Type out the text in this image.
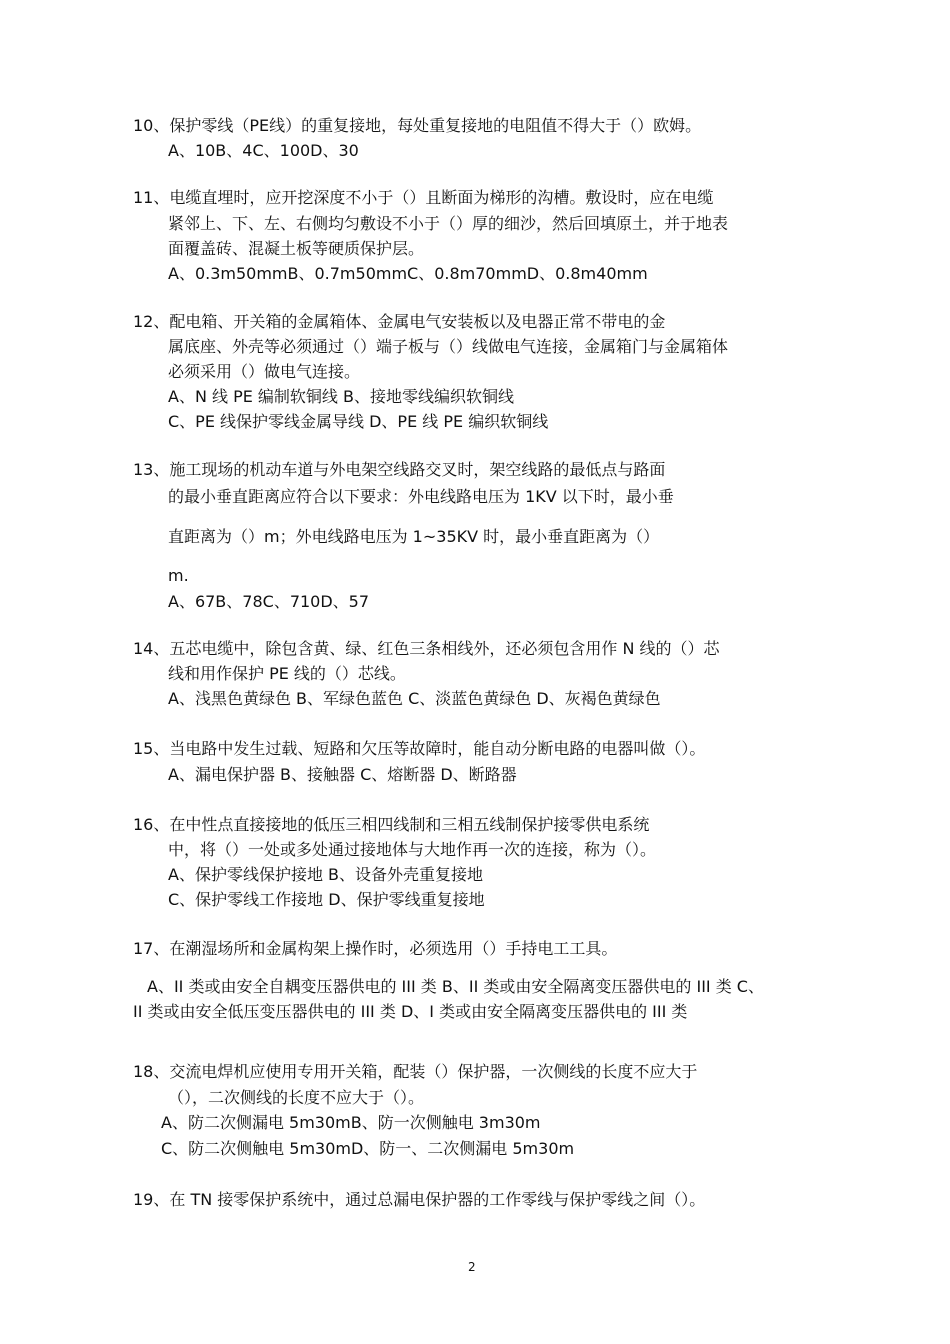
10、保护零线（PE线）的重复接地，每处重复接地的电阻值不得大于（）欧姆。
A、10B、4C、100D、30
11、电缆直埋时，应开挖深度不小于（）且断面为梯形的沟槽。敷设时，应在电缆
紧邻上、下、左、右侧均匀敷设不小于（）厚的细沙，然后回填原土，并于地表
面覆盖砖、混凝土板等硬质保护层。
A、0.3m50mmB、0.7m50mmC、0.8m70mmD、0.8m40mm
12、配电箱、开关箱的金属箱体、金属电气安装板以及电器正常不带电的金
属底座、外壳等必须通过（）端子板与（）线做电气连接，金属箱门与金属箱体
必须采用（）做电气连接。
A、N 线 PE 编制软铜线 B、接地零线编织软铜线
C、PE 线保护零线金属导线 D、PE 线 PE 编织软铜线
13、施工现场的机动车道与外电架空线路交叉时，架空线路的最低点与路面
的最小垂直距离应符合以下要求：外电线路电压为 1KV 以下时，最小垂
直距离为（）m；外电线路电压为 1~35KV 时，最小垂直距离为（）
m.
A、67B、78C、710D、57
14、五芯电缆中，除包含黄、绿、红色三条相线外，还必须包含用作 N 线的（）芯
线和用作保护 PE 线的（）芯线。
A、浅黑色黄绿色 B、军绿色蓝色 C、淡蓝色黄绿色 D、灰褐色黄绿色
15、当电路中发生过载、短路和欠压等故障时，能自动分断电路的电器叫做（）。
A、漏电保护器 B、接触器 C、熔断器 D、断路器
16、在中性点直接接地的低压三相四线制和三相五线制保护接零供电系统
中，将（）一处或多处通过接地体与大地作再一次的连接，称为（）。
A、保护零线保护接地 B、设备外壳重复接地
C、保护零线工作接地 D、保护零线重复接地
17、在潮湿场所和金属构架上操作时，必须选用（）手持电工工具。
A、II 类或由安全自耦变压器供电的 III 类 B、II 类或由安全隔离变压器供电的 III 类 C、
II 类或由安全低压变压器供电的 III 类 D、I 类或由安全隔离变压器供电的 III 类
18、交流电焊机应使用专用开关箱，配装（）保护器，一次侧线的长度不应大于
（），二次侧线的长度不应大于（）。
A、防二次侧漏电 5m30mB、防一次侧触电 3m30m
C、防二次侧触电 5m30mD、防一、二次侧漏电 5m30m
19、在 TN 接零保护系统中，通过总漏电保护器的工作零线与保护零线之间（）。
2
